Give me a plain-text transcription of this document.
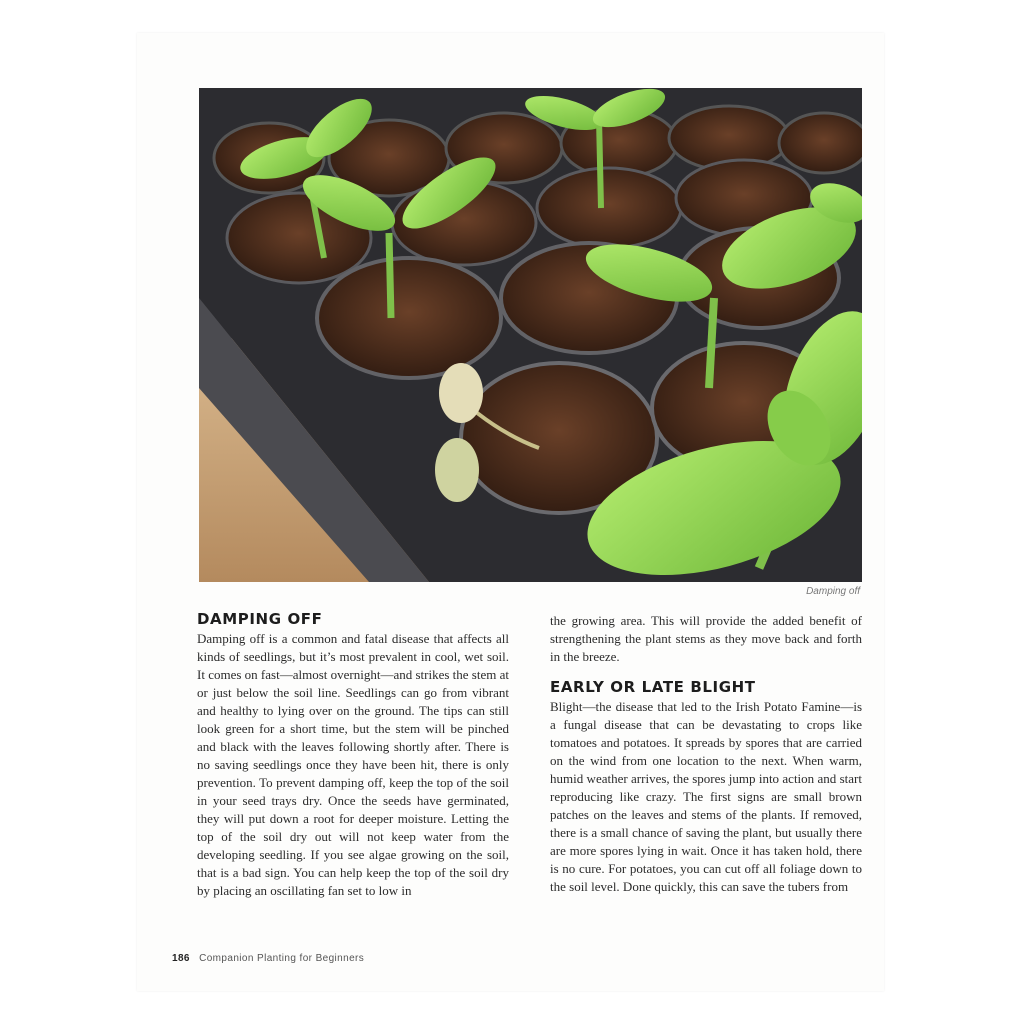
Damping off
DAMPING OFF

Damping off is a common and fatal disease that affects all kinds of seedlings, but it’s most prevalent in cool, wet soil. It comes on fast—almost overnight—and strikes the stem at or just below the soil line. Seedlings can go from vibrant and healthy to lying over on the ground. The tips can still look green for a short time, but the stem will be pinched and black with the leaves following shortly after. There is no saving seedlings once they have been hit, there is only prevention. To prevent damping off, keep the top of the soil in your seed trays dry. Once the seeds have germinated, they will put down a root for deeper moisture. Letting the top of the soil dry out will not keep water from the developing seedling. If you see algae growing on the soil, that is a bad sign. You can help keep the top of the soil dry by placing an oscillating fan set to low in

the growing area. This will provide the added benefit of strengthening the plant stems as they move back and forth in the breeze.

EARLY OR LATE BLIGHT

Blight—the disease that led to the Irish Potato Famine—is a fungal disease that can be devastating to crops like tomatoes and potatoes. It spreads by spores that are carried on the wind from one location to the next. When warm, humid weather arrives, the spores jump into action and start reproducing like crazy. The first signs are small brown patches on the leaves and stems of the plants. If removed, there is a small chance of saving the plant, but usually there are more spores lying in wait. Once it has taken hold, there is no cure. For potatoes, you can cut off all foliage down to the soil level. Done quickly, this can save the tubers from

186 Companion Planting for Beginners
